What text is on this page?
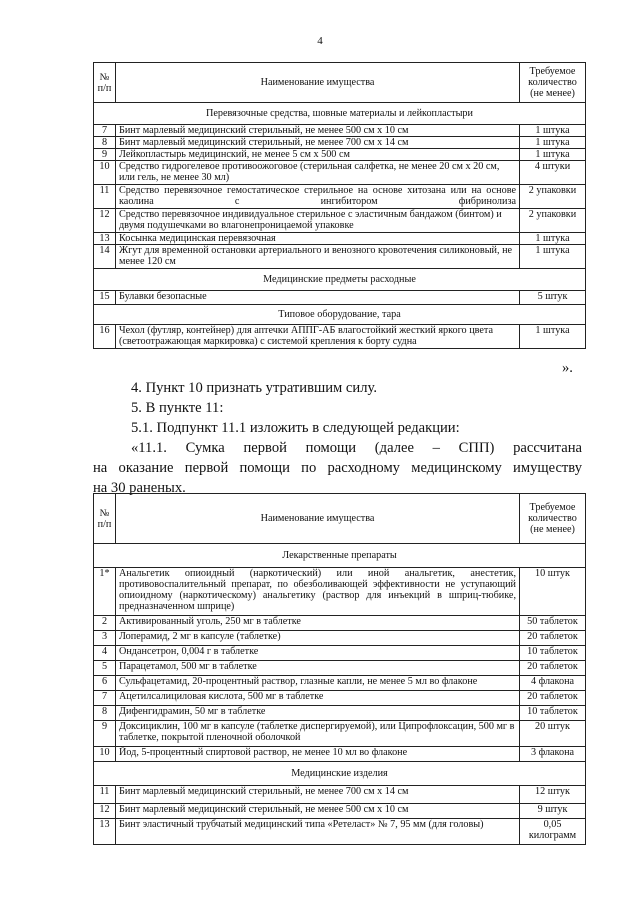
4
№ п/п	Наименование имущества	Требуемое количество (не менее)
Перевязочные средства, шовные материалы и лейкопластыри		
7	Бинт марлевый медицинский стерильный, не менее 500 см х 10 см	1 штука
8	Бинт марлевый медицинский стерильный, не менее 700 см х 14 см	1 штука
9	Лейкопластырь медицинский, не менее 5 см х 500 см	1 штука
10	Средство гидрогелевое противоожоговое (стерильная салфетка, не менее 20 см х 20 см, или гель, не менее 30 мл)	4 штуки
11	Средство перевязочное гемостатическое стерильное на основе хитозана или на основе каолина с ингибитором фибринолиза	2 упаковки
12	Средство перевязочное индивидуальное стерильное с эластичным бандажом (бинтом) и двумя подушечками во влагонепроницаемой упаковке	2 упаковки
13	Косынка медицинская перевязочная	1 штука
14	Жгут для временной остановки артериального и венозного кровотечения силиконовый, не менее 120 см	1 штука
Медицинские предметы расходные		
15	Булавки безопасные	5 штук
Типовое оборудование, тара		
16	Чехол (футляр, контейнер) для аптечки АППГ-АБ влагостойкий жесткий яркого цвета (светоотражающая маркировка) с системой крепления к борту судна	1 штука
».
4. Пункт 10 признать утратившим силу.
5. В пункте 11:
5.1. Подпункт 11.1 изложить в следующей редакции:
«11.1. Сумка первой помощи (далее – СПП) рассчитана
на оказание первой помощи по расходному медицинскому имуществу
на 30 раненых.
№ п/п	Наименование имущества	Требуемое количество (не менее)
Лекарственные препараты		
1*	Анальгетик опиоидный (наркотический) или иной анальгетик, анестетик, противовоспалительный препарат, по обезболивающей эффективности не уступающий опиоидному (наркотическому) анальгетику (раствор для инъекций в шприц-тюбике, предназначенном шприце)	10 штук
2	Активированный уголь, 250 мг в таблетке	50 таблеток
3	Лоперамид, 2 мг в капсуле (таблетке)	20 таблеток
4	Ондансетрон, 0,004 г в таблетке	10 таблеток
5	Парацетамол, 500 мг в таблетке	20 таблеток
6	Сульфацетамид, 20-процентный раствор, глазные капли, не менее 5 мл во флаконе	4 флакона
7	Ацетилсалициловая кислота, 500 мг в таблетке	20 таблеток
8	Дифенгидрамин, 50 мг в таблетке	10 таблеток
9	Доксициклин, 100 мг в капсуле (таблетке диспергируемой), или Ципрофлоксацин, 500 мг в таблетке, покрытой пленочной оболочкой	20 штук
10	Йод, 5-процентный спиртовой раствор, не менее 10 мл во флаконе	3 флакона
Медицинские изделия		
11	Бинт марлевый медицинский стерильный, не менее 700 см х 14 см	12 штук
12	Бинт марлевый медицинский стерильный, не менее 500 см х 10 см	9 штук
13	Бинт эластичный трубчатый медицинский типа «Ретеласт» № 7, 95 мм (для головы)	0,05 килограмм
